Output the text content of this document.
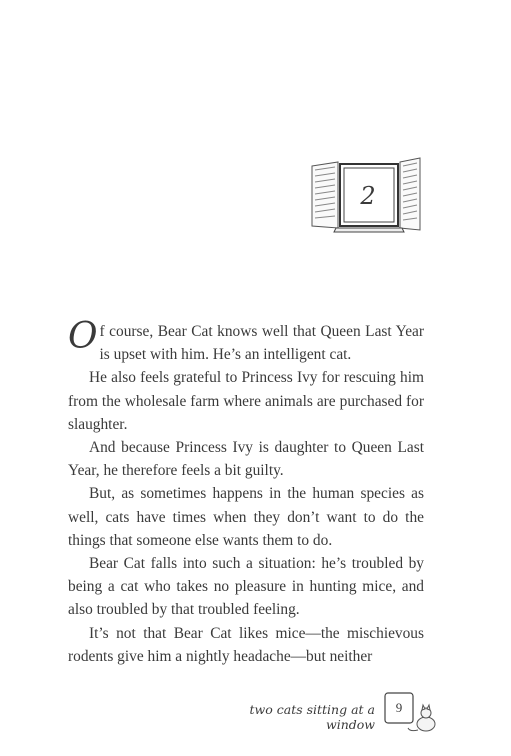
2

Of course, Bear Cat knows well that Queen Last Year is upset with him. He’s an intelligent cat.

He also feels grateful to Princess Ivy for rescuing him from the wholesale farm where animals are purchased for slaughter.

And because Princess Ivy is daughter to Queen Last Year, he therefore feels a bit guilty.

But, as sometimes happens in the human species as well, cats have times when they don’t want to do the things that someone else wants them to do.

Bear Cat falls into such a situation: he’s troubled by being a cat who takes no pleasure in hunting mice, and also troubled by that troubled feeling.

It’s not that Bear Cat likes mice—the mischievous rodents give him a nightly headache—but neither

two cats sitting at a window
9
